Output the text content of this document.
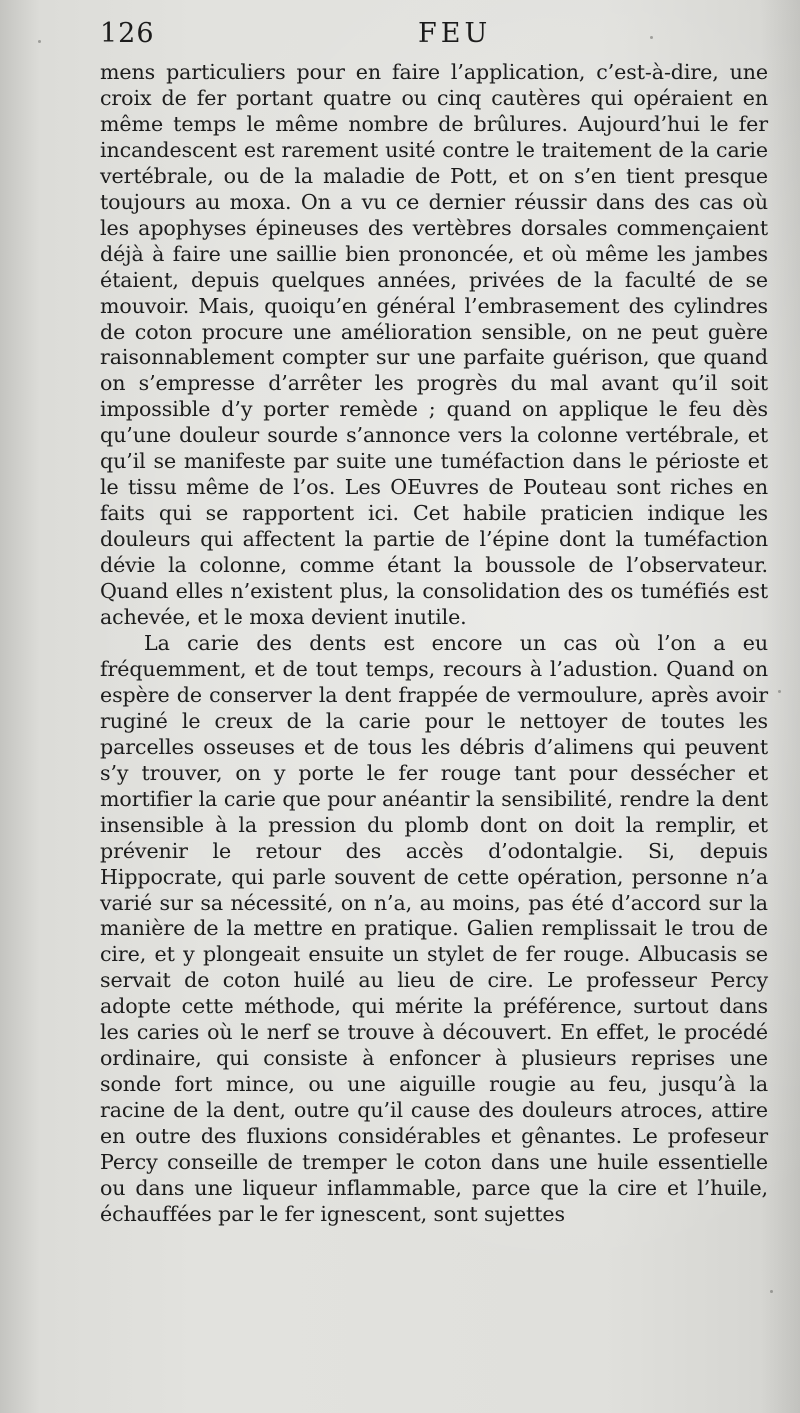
126	FEU

mens particuliers pour en faire l’application, c’est-à-dire, une croix de fer portant quatre ou cinq cautères qui opéraient en même temps le même nombre de brûlures. Aujourd’hui le fer incandescent est rarement usité contre le traitement de la carie vertébrale, ou de la maladie de Pott, et on s’en tient presque toujours au moxa. On a vu ce dernier réussir dans des cas où les apophyses épineuses des vertèbres dorsales commençaient déjà à faire une saillie bien prononcée, et où même les jambes étaient, depuis quelques années, privées de la faculté de se mouvoir. Mais, quoiqu’en général l’embrasement des cylindres de coton procure une amélioration sensible, on ne peut guère raisonnablement compter sur une parfaite guérison, que quand on s’empresse d’arrêter les progrès du mal avant qu’il soit impossible d’y porter remède ; quand on applique le feu dès qu’une douleur sourde s’annonce vers la colonne vertébrale, et qu’il se manifeste par suite une tuméfaction dans le périoste et le tissu même de l’os. Les OEuvres de Pouteau sont riches en faits qui se rapportent ici. Cet habile praticien indique les douleurs qui affectent la partie de l’épine dont la tuméfaction dévie la colonne, comme étant la boussole de l’observateur. Quand elles n’existent plus, la consolidation des os tuméfiés est achevée, et le moxa devient inutile.

La carie des dents est encore un cas où l’on a eu fréquemment, et de tout temps, recours à l’adustion. Quand on espère de conserver la dent frappée de vermoulure, après avoir ruginé le creux de la carie pour le nettoyer de toutes les parcelles osseuses et de tous les débris d’alimens qui peuvent s’y trouver, on y porte le fer rouge tant pour dessécher et mortifier la carie que pour anéantir la sensibilité, rendre la dent insensible à la pression du plomb dont on doit la remplir, et prévenir le retour des accès d’odontalgie. Si, depuis Hippocrate, qui parle souvent de cette opération, personne n’a varié sur sa nécessité, on n’a, au moins, pas été d’accord sur la manière de la mettre en pratique. Galien remplissait le trou de cire, et y plongeait ensuite un stylet de fer rouge. Albucasis se servait de coton huilé au lieu de cire. Le professeur Percy adopte cette méthode, qui mérite la préférence, surtout dans les caries où le nerf se trouve à découvert. En effet, le procédé ordinaire, qui consiste à enfoncer à plusieurs reprises une sonde fort mince, ou une aiguille rougie au feu, jusqu’à la racine de la dent, outre qu’il cause des douleurs atroces, attire en outre des fluxions considérables et gênantes. Le profeseur Percy conseille de tremper le coton dans une huile essentielle ou dans une liqueur inflammable, parce que la cire et l’huile, échauffées par le fer ignescent, sont sujettes
